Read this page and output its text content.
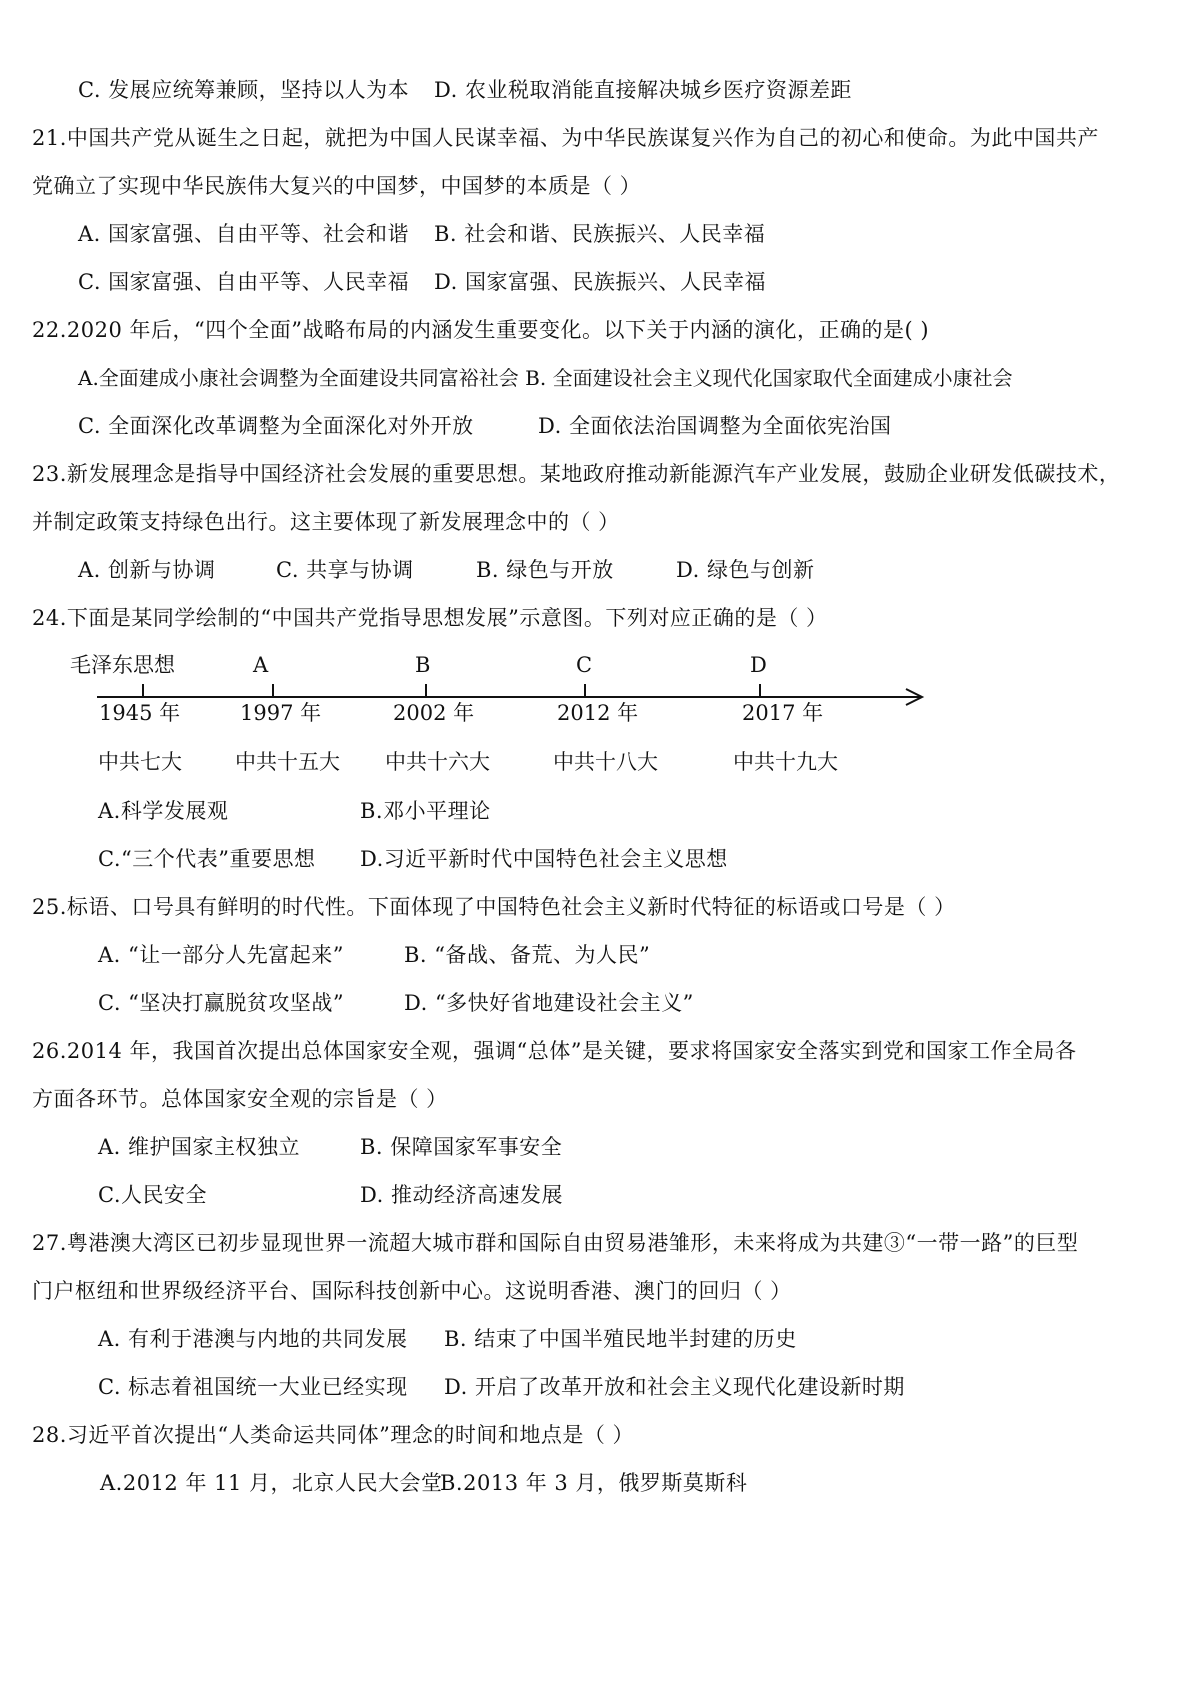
C. 发展应统筹兼顾，坚持以人为本 D. 农业税取消能直接解决城乡医疗资源差距
21.中国共产党从诞生之日起，就把为中国人民谋幸福、为中华民族谋复兴作为自己的初心和使命。为此中国共产
党确立了实现中华民族伟大复兴的中国梦，中国梦的本质是（ ）
A. 国家富强、自由平等、社会和谐 B. 社会和谐、民族振兴、人民幸福
C. 国家富强、自由平等、人民幸福 D. 国家富强、民族振兴、人民幸福
22.2020 年后，“四个全面”战略布局的内涵发生重要变化。以下关于内涵的演化，正确的是( )
A.全面建成小康社会调整为全面建设共同富裕社会 B. 全面建设社会主义现代化国家取代全面建成小康社会
C. 全面深化改革调整为全面深化对外开放	D. 全面依法治国调整为全面依宪治国
23.新发展理念是指导中国经济社会发展的重要思想。某地政府推动新能源汽车产业发展，鼓励企业研发低碳技术，
并制定政策支持绿色出行。这主要体现了新发展理念中的（ ）
A. 创新与协调	C. 共享与协调	B. 绿色与开放	D. 绿色与创新
24.下面是某同学绘制的“中国共产党指导思想发展”示意图。下列对应正确的是（ ）
毛泽东思想	A	B	C	D
1945 年	1997 年	2002 年	2012 年	2017 年
中共七大	中共十五大 中共十六大	中共十八大	中共十九大
A.科学发展观	B.邓小平理论
C.“三个代表”重要思想 D.习近平新时代中国特色社会主义思想
25.标语、口号具有鲜明的时代性。下面体现了中国特色社会主义新时代特征的标语或口号是（ ）
A. “让一部分人先富起来”	B. “备战、备荒、为人民”
C. “坚决打赢脱贫攻坚战”	D. “多快好省地建设社会主义”
26.2014 年，我国首次提出总体国家安全观，强调“总体”是关键，要求将国家安全落实到党和国家工作全局各
方面各环节。总体国家安全观的宗旨是（ ）
A. 维护国家主权独立	B. 保障国家军事安全
C.人民安全	D. 推动经济高速发展
27.粤港澳大湾区已初步显现世界一流超大城市群和国际自由贸易港雏形，未来将成为共建③“一带一路”的巨型
门户枢纽和世界级经济平台、国际科技创新中心。这说明香港、澳门的回归（ ）
A. 有利于港澳与内地的共同发展 B. 结束了中国半殖民地半封建的历史
C. 标志着祖国统一大业已经实现 D. 开启了改革开放和社会主义现代化建设新时期
28.习近平首次提出“人类命运共同体”理念的时间和地点是（ ）
A.2012 年 11 月，北京人民大会堂
B.2013 年 3 月，俄罗斯莫斯科
